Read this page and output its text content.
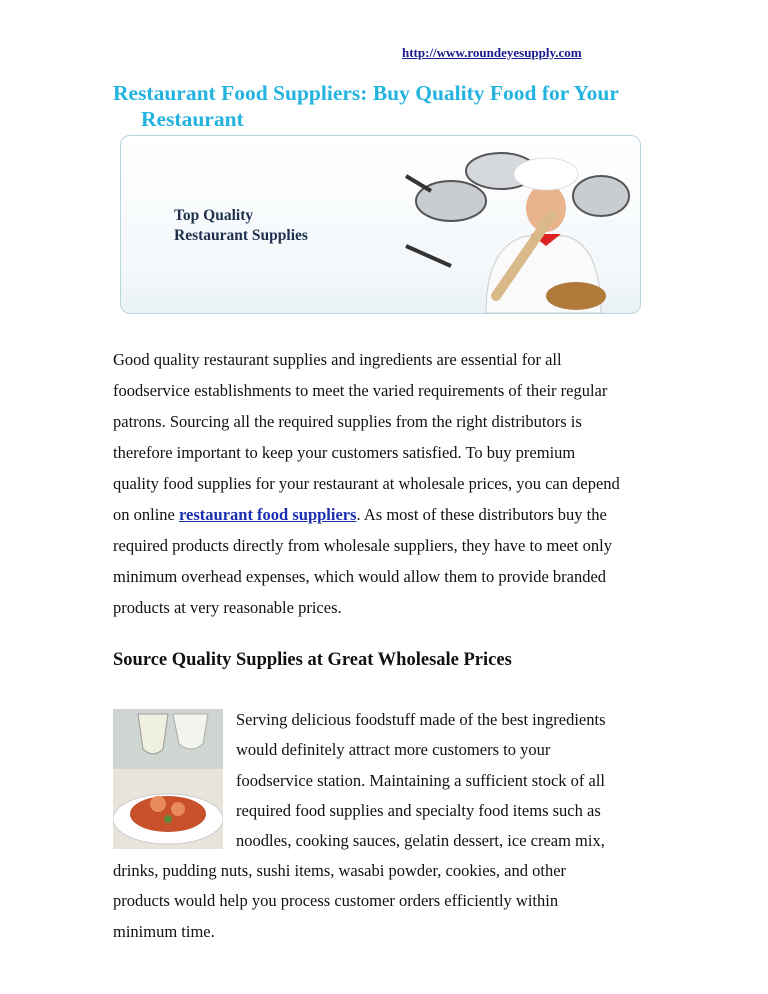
http://www.roundeyesupply.com
Restaurant Food Suppliers: Buy Quality Food for Your
Restaurant
Top Quality
Restaurant Supplies
Good quality restaurant supplies and ingredients are essential for all
foodservice establishments to meet the varied requirements of their regular
patrons. Sourcing all the required supplies from the right distributors is
therefore important to keep your customers satisfied. To buy premium
quality food supplies for your restaurant at wholesale prices, you can depend
on online restaurant food suppliers. As most of these distributors buy the
required products directly from wholesale suppliers, they have to meet only
minimum overhead expenses, which would allow them to provide branded
products at very reasonable prices.
Source Quality Supplies at Great Wholesale Prices
Serving delicious foodstuff made of the best ingredients
would definitely attract more customers to your
foodservice station. Maintaining a sufficient stock of all
required food supplies and specialty food items such as
noodles, cooking sauces, gelatin dessert, ice cream mix,
drinks, pudding nuts, sushi items, wasabi powder, cookies, and other
products would help you process customer orders efficiently within
minimum time.
